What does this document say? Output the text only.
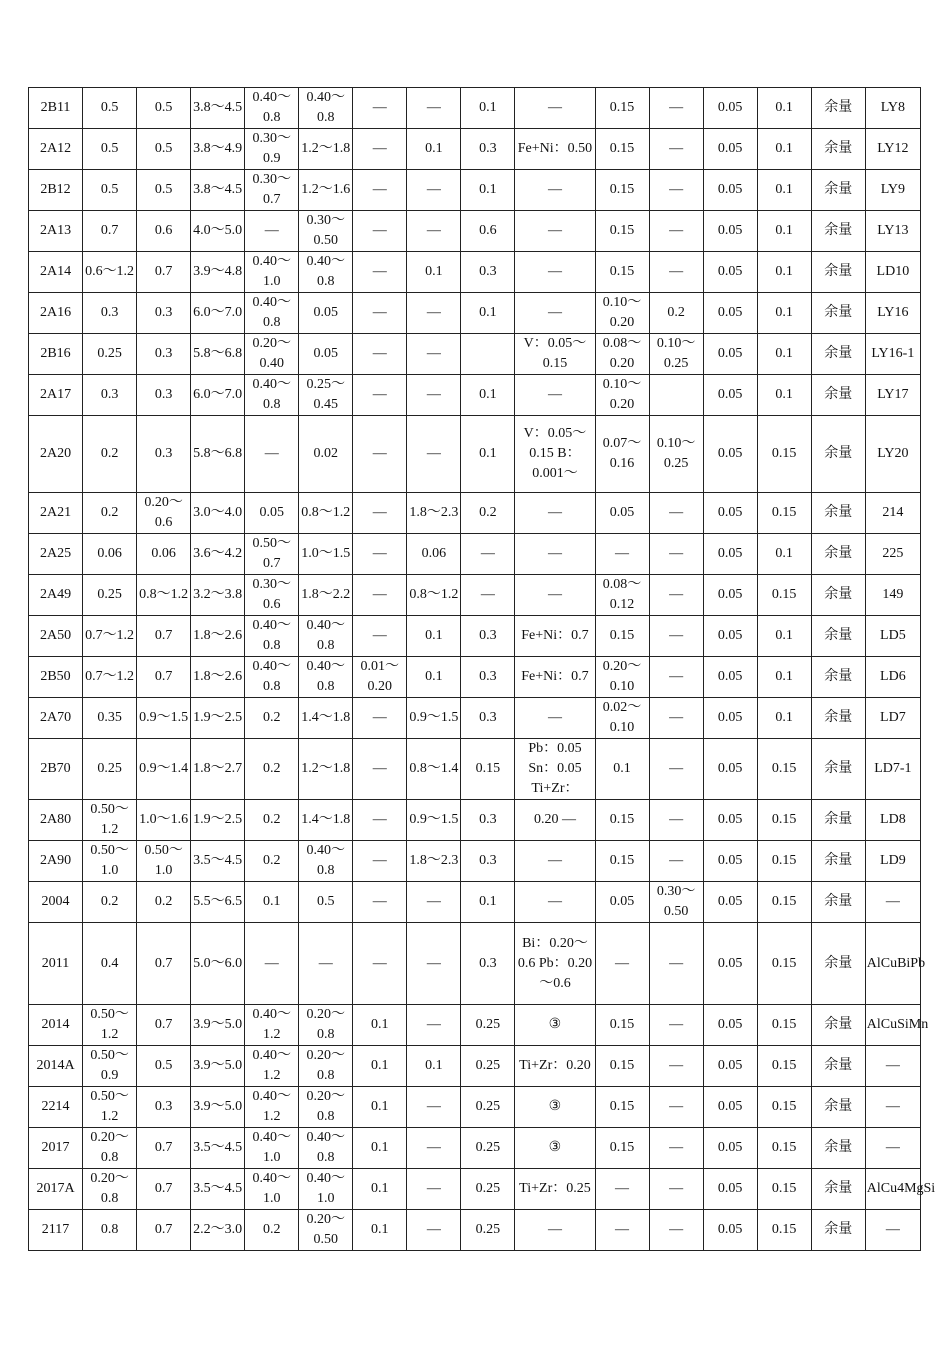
2B11	0.5	0.5	3.8～4.5	0.40～0.8	0.40～0.8	—	—	0.1	—	0.15	—	0.05	0.1	余量	LY8

2A12	0.5	0.5	3.8～4.9	0.30～0.9	1.2～1.8	—	0.1	0.3	Fe+Ni：0.50	0.15	—	0.05	0.1	余量	LY12

2B12	0.5	0.5	3.8～4.5	0.30～0.7	1.2～1.6	—	—	0.1	—	0.15	—	0.05	0.1	余量	LY9

2A13	0.7	0.6	4.0～5.0	—	0.30～0.50	—	—	0.6	—	0.15	—	0.05	0.1	余量	LY13

2A14	0.6～1.2	0.7	3.9～4.8	0.40～1.0	0.40～0.8	—	0.1	0.3	—	0.15	—	0.05	0.1	余量	LD10

2A16	0.3	0.3	6.0～7.0	0.40～0.8	0.05	—	—	0.1	—	0.10～0.20	0.2	0.05	0.1	余量	LY16

2B16	0.25	0.3	5.8～6.8	0.20～0.40	0.05	—	—		V：0.05～0.15	0.08～0.20	0.10～0.25	0.05	0.1	余量	LY16-1

2A17	0.3	0.3	6.0～7.0	0.40～0.8	0.25～0.45	—	—	0.1	—	0.10～0.20		0.05	0.1	余量	LY17

2A20	0.2	0.3	5.8～6.8	—	0.02	—	—	0.1	V：0.05～0.15 B：0.001～	0.07～0.16	0.10～0.25	0.05	0.15	余量	LY20

2A21	0.2	0.20～0.6	3.0～4.0	0.05	0.8～1.2	—	1.8～2.3	0.2	—	0.05	—	0.05	0.15	余量	214

2A25	0.06	0.06	3.6～4.2	0.50～0.7	1.0～1.5	—	0.06	—	—	—	—	0.05	0.1	余量	225

2A49	0.25	0.8～1.2	3.2～3.8	0.30～0.6	1.8～2.2	—	0.8～1.2	—	—	0.08～0.12	—	0.05	0.15	余量	149

2A50	0.7～1.2	0.7	1.8～2.6	0.40～0.8	0.40～0.8	—	0.1	0.3	Fe+Ni：0.7	0.15	—	0.05	0.1	余量	LD5

2B50	0.7～1.2	0.7	1.8～2.6	0.40～0.8	0.40～0.8	0.01～0.20	0.1	0.3	Fe+Ni：0.7	0.20～0.10	—	0.05	0.1	余量	LD6

2A70	0.35	0.9～1.5	1.9～2.5	0.2	1.4～1.8	—	0.9～1.5	0.3	—	0.02～0.10	—	0.05	0.1	余量	LD7

2B70	0.25	0.9～1.4	1.8～2.7	0.2	1.2～1.8	—	0.8～1.4	0.15	Pb：0.05 Sn：0.05 Ti+Zr：	0.1	—	0.05	0.15	余量	LD7-1

2A80	0.50～1.2	1.0～1.6	1.9～2.5	0.2	1.4～1.8	—	0.9～1.5	0.3	0.20 —	0.15	—	0.05	0.15	余量	LD8

2A90	0.50～1.0	0.50～1.0	3.5～4.5	0.2	0.40～0.8	—	1.8～2.3	0.3	—	0.15	—	0.05	0.15	余量	LD9

2004	0.2	0.2	5.5～6.5	0.1	0.5	—	—	0.1	—	0.05	0.30～0.50	0.05	0.15	余量	—

2011	0.4	0.7	5.0～6.0	—	—	—	—	0.3	Bi：0.20～0.6 Pb：0.20～0.6	—	—	0.05	0.15	余量	AlCuBiPb

2014	0.50～1.2	0.7	3.9～5.0	0.40～1.2	0.20～0.8	0.1	—	0.25	③	0.15	—	0.05	0.15	余量	AlCuSiMn

2014A	0.50～0.9	0.5	3.9～5.0	0.40～1.2	0.20～0.8	0.1	0.1	0.25	Ti+Zr：0.20	0.15	—	0.05	0.15	余量	—

2214	0.50～1.2	0.3	3.9～5.0	0.40～1.2	0.20～0.8	0.1	—	0.25	③	0.15	—	0.05	0.15	余量	—

2017	0.20～0.8	0.7	3.5～4.5	0.40～1.0	0.40～0.8	0.1	—	0.25	③	0.15	—	0.05	0.15	余量	—

2017A	0.20～0.8	0.7	3.5～4.5	0.40～1.0	0.40～1.0	0.1	—	0.25	Ti+Zr：0.25	—	—	0.05	0.15	余量	AlCu4MgSi

2117	0.8	0.7	2.2～3.0	0.2	0.20～0.50	0.1	—	0.25	—	—	—	0.05	0.15	余量	—
